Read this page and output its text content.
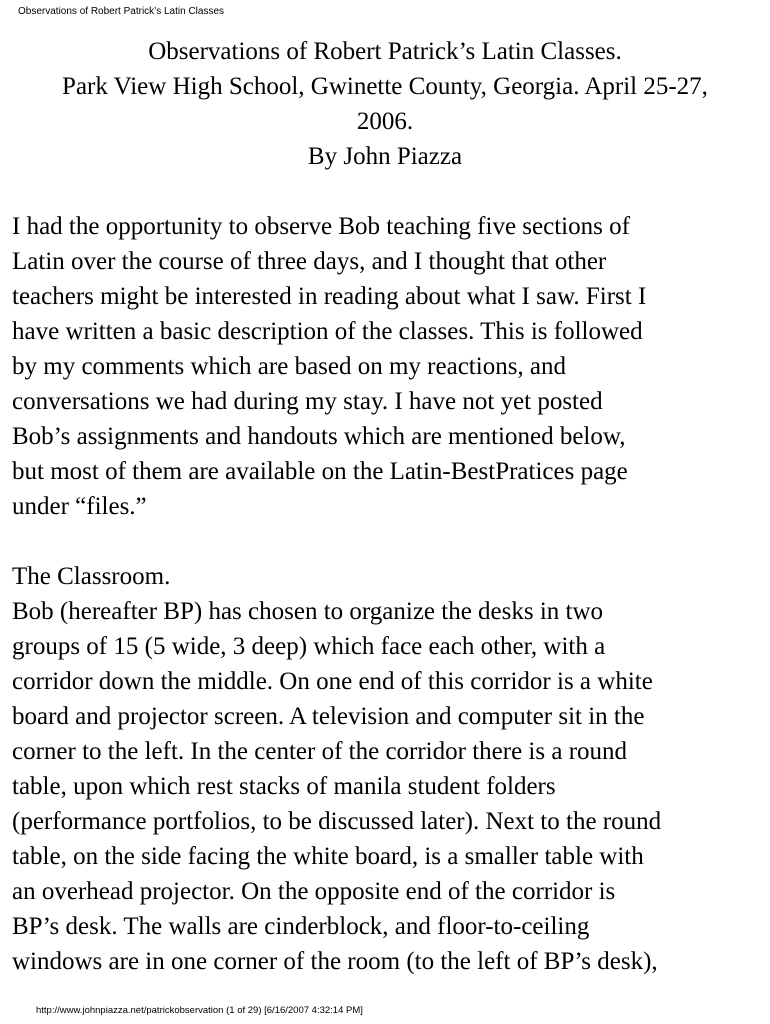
Observations of Robert Patrick’s Latin Classes
Observations of Robert Patrick’s Latin Classes.
Park View High School, Gwinette County, Georgia. April 25-27,
2006.
By John Piazza
I had the opportunity to observe Bob teaching five sections of
Latin over the course of three days, and I thought that other
teachers might be interested in reading about what I saw. First I
have written a basic description of the classes. This is followed
by my comments which are based on my reactions, and
conversations we had during my stay. I have not yet posted
Bob’s assignments and handouts which are mentioned below,
but most of them are available on the Latin-BestPratices page
under “files.”
The Classroom.
Bob (hereafter BP) has chosen to organize the desks in two
groups of 15 (5 wide, 3 deep) which face each other, with a
corridor down the middle. On one end of this corridor is a white
board and projector screen. A television and computer sit in the
corner to the left. In the center of the corridor there is a round
table, upon which rest stacks of manila student folders
(performance portfolios, to be discussed later). Next to the round
table, on the side facing the white board, is a smaller table with
an overhead projector. On the opposite end of the corridor is
BP’s desk. The walls are cinderblock, and floor-to-ceiling
windows are in one corner of the room (to the left of BP’s desk),
http://www.johnpiazza.net/patrickobservation (1 of 29) [6/16/2007 4:32:14 PM]
